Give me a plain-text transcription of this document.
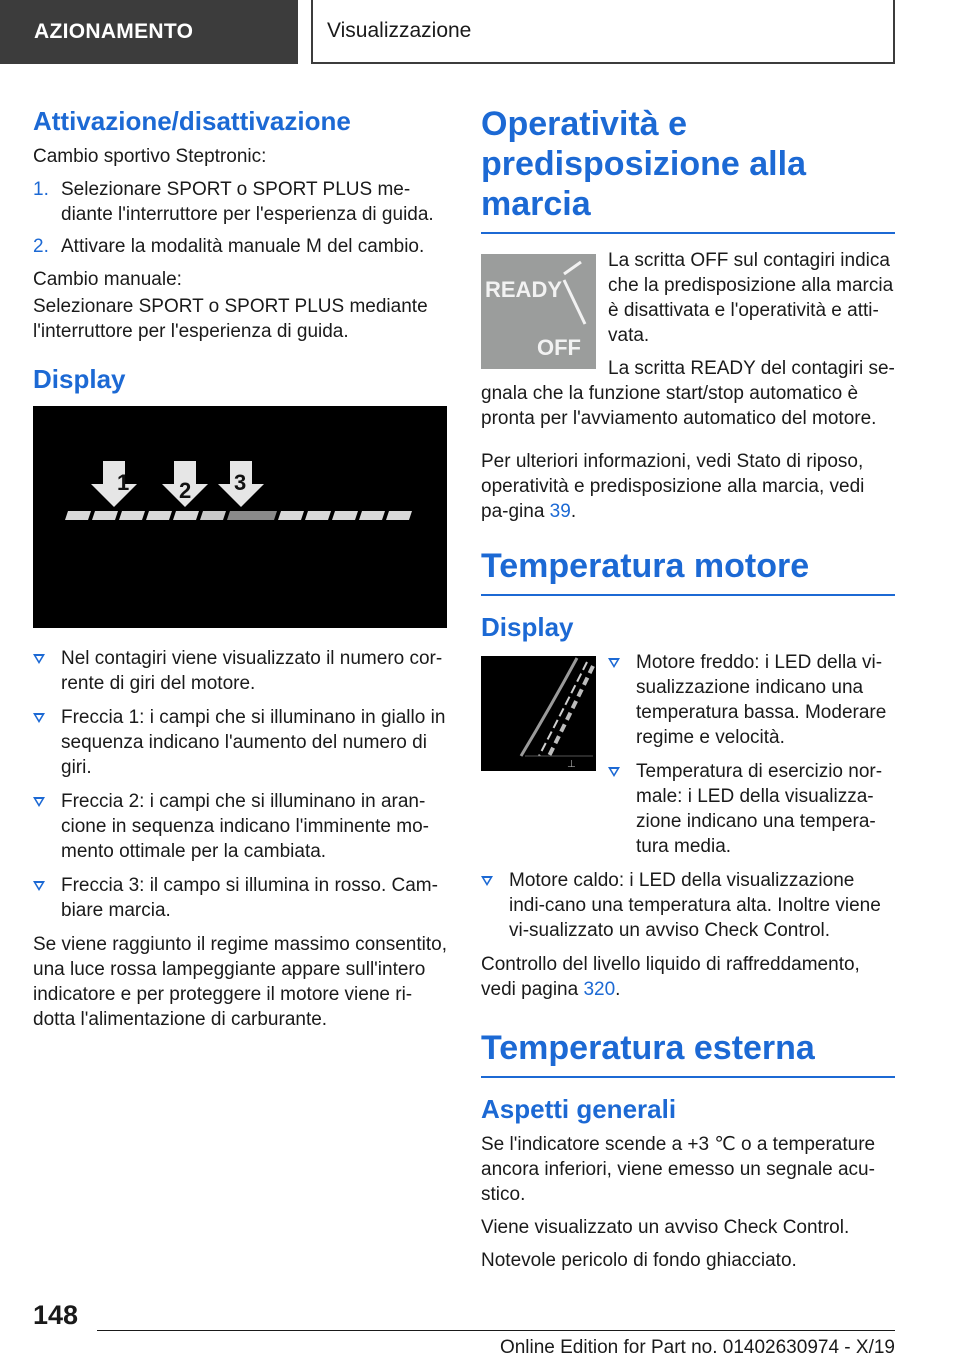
AZIONAMENTO	Visualizzazione
Attivazione/disattivazione

Cambio sportivo Steptronic:

1. Selezionare SPORT o SPORT PLUS me-diante l'interruttore per l'esperienza di guida.
2. Attivare la modalità manuale M del cambio.

Cambio manuale:

Selezionare SPORT o SPORT PLUS mediante l'interruttore per l'esperienza di guida.

Display
1 2 3
Nel contagiri viene visualizzato il numero cor-rente di giri del motore.
Freccia 1: i campi che si illuminano in giallo in sequenza indicano l'aumento del numero di giri.
Freccia 2: i campi che si illuminano in aran-cione in sequenza indicano l'imminente mo-mento ottimale per la cambiata.
Freccia 3: il campo si illumina in rosso. Cam-biare marcia.

Se viene raggiunto il regime massimo consentito, una luce rossa lampeggiante appare sull'intero indicatore e per proteggere il motore viene ri-dotta l'alimentazione di carburante.

Operatività e predisposizione alla marcia
READY
OFF

La scritta OFF sul contagiri indica che la predisposizione alla marcia è disattivata e l'operatività e atti-vata.

La scritta READY del contagiri se-gnala che la funzione start/stop automatico è pronta per l'avviamento automatico del motore.

Per ulteriori informazioni, vedi Stato di riposo, operatività e predisposizione alla marcia, vedi pa-gina 39.

Temperatura motore
Display
⊥
Motore freddo: i LED della vi-sualizzazione indicano una temperatura bassa. Moderare regime e velocità.
Temperatura di esercizio nor-male: i LED della visualizza-zione indicano una tempera-tura media.
Motore caldo: i LED della visualizzazione indi-cano una temperatura alta. Inoltre viene vi-sualizzato un avviso Check Control.

Controllo del livello liquido di raffreddamento, vedi pagina 320.

Temperatura esterna
Aspetti generali

Se l'indicatore scende a +3 ℃ o a temperature ancora inferiori, viene emesso un segnale acu-stico.

Viene visualizzato un avviso Check Control.

Notevole pericolo di fondo ghiacciato.

148
Online Edition for Part no. 01402630974 - X/19
